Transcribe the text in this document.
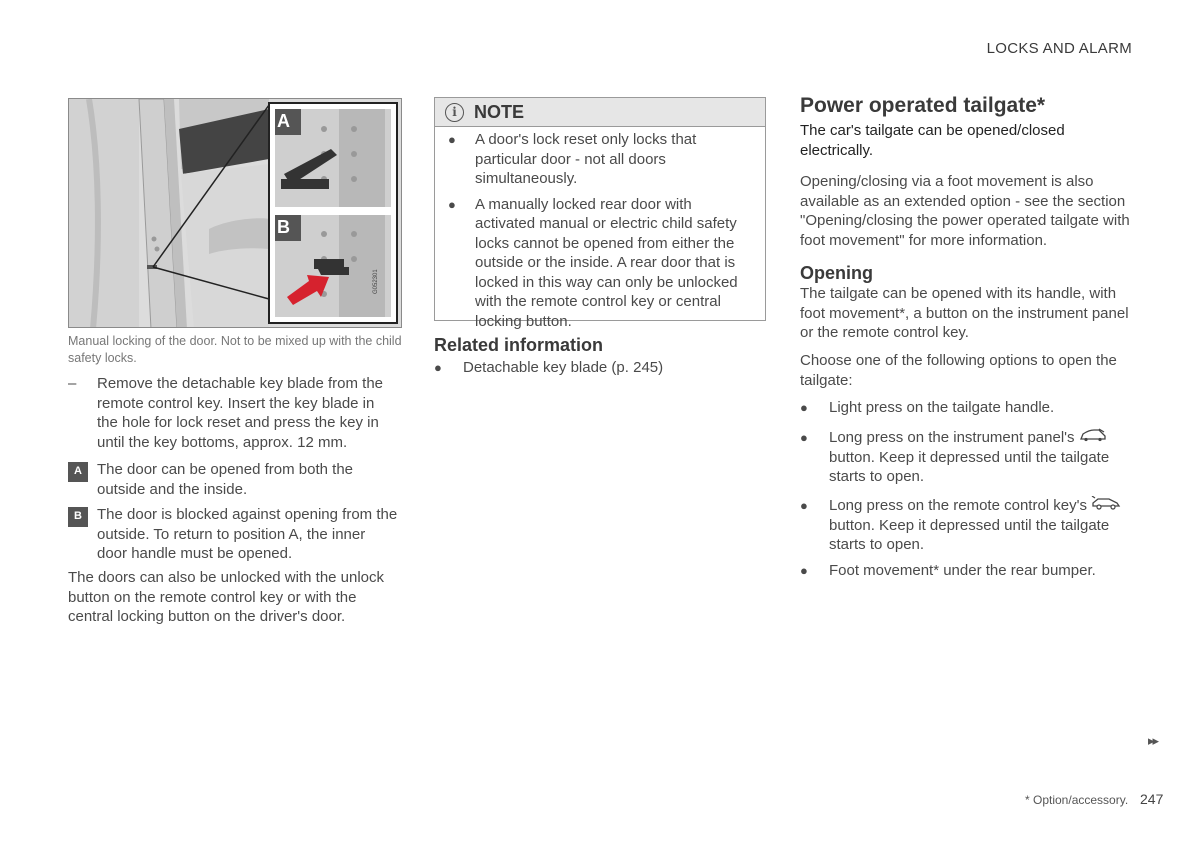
LOCKS AND ALARM
A
B
G052301
Manual locking of the door. Not to be mixed up with the child safety locks.
–	Remove the detachable key blade from the remote control key. Insert the key blade in the hole for lock reset and press the key in until the key bottoms, approx. 12 mm.
A	The door can be opened from both the outside and the inside.
B	The door is blocked against opening from the outside. To return to position A, the inner door handle must be opened.
The doors can also be unlocked with the unlock button on the remote control key or with the central locking button on the driver's door.
i NOTE
● A door's lock reset only locks that particular door - not all doors simultaneously.
● A manually locked rear door with activated manual or electric child safety locks cannot be opened from either the outside or the inside. A rear door that is locked in this way can only be unlocked with the remote control key or central locking button.
Related information
●	Detachable key blade (p. 245)
Power operated tailgate*
The car's tailgate can be opened/closed electrically.
Opening/closing via a foot movement is also available as an extended option - see the section "Opening/closing the power operated tailgate with foot movement" for more information.
Opening
The tailgate can be opened with its handle, with foot movement*, a button on the instrument panel or the remote control key.
Choose one of the following options to open the tailgate:
●	Light press on the tailgate handle.
●	Long press on the instrument panel's button. Keep it depressed until the tailgate starts to open.
●	Long press on the remote control key's button. Keep it depressed until the tailgate starts to open.
●	Foot movement* under the rear bumper.
▸▸
* Option/accessory. 247
